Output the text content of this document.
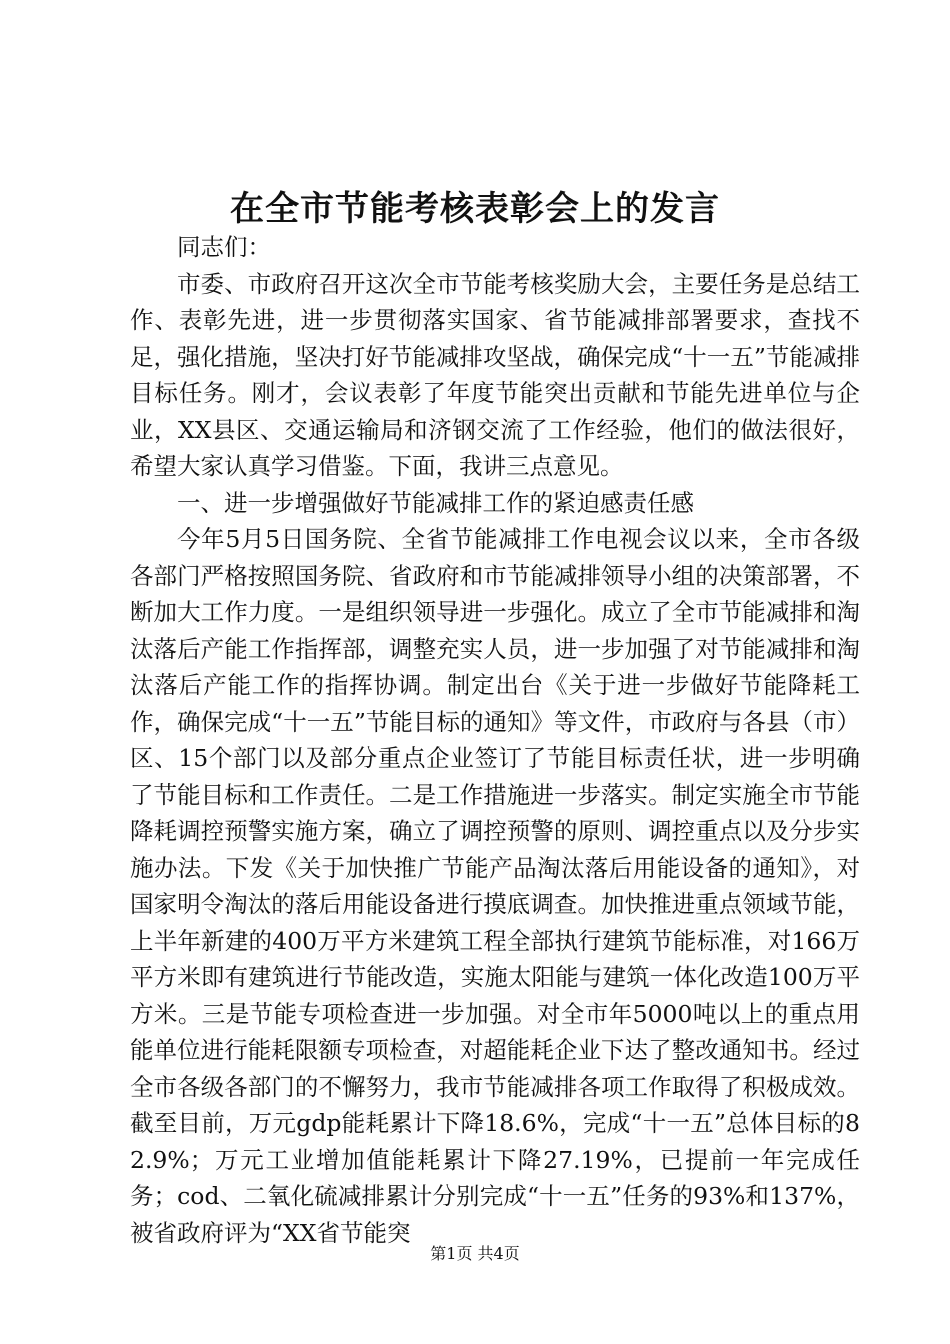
在全市节能考核表彰会上的发言

同志们：

市委、市政府召开这次全市节能考核奖励大会，主要任务是总结工作、表彰先进，进一步贯彻落实国家、省节能减排部署要求，查找不足，强化措施，坚决打好节能减排攻坚战，确保完成“十一五”节能减排目标任务。刚才，会议表彰了年度节能突出贡献和节能先进单位与企业，XX县区、交通运输局和济钢交流了工作经验，他们的做法很好，希望大家认真学习借鉴。下面，我讲三点意见。

一、进一步增强做好节能减排工作的紧迫感责任感

今年5月5日国务院、全省节能减排工作电视会议以来，全市各级各部门严格按照国务院、省政府和市节能减排领导小组的决策部署，不断加大工作力度。一是组织领导进一步强化。成立了全市节能减排和淘汰落后产能工作指挥部，调整充实人员，进一步加强了对节能减排和淘汰落后产能工作的指挥协调。制定出台《关于进一步做好节能降耗工作，确保完成“十一五”节能目标的通知》等文件，市政府与各县（市）区、15个部门以及部分重点企业签订了节能目标责任状，进一步明确了节能目标和工作责任。二是工作措施进一步落实。制定实施全市节能降耗调控预警实施方案，确立了调控预警的原则、调控重点以及分步实施办法。下发《关于加快推广节能产品淘汰落后用能设备的通知》，对国家明令淘汰的落后用能设备进行摸底调查。加快推进重点领域节能，上半年新建的400万平方米建筑工程全部执行建筑节能标准，对166万平方米即有建筑进行节能改造，实施太阳能与建筑一体化改造100万平方米。三是节能专项检查进一步加强。对全市年5000吨以上的重点用能单位进行能耗限额专项检查，对超能耗企业下达了整改通知书。经过全市各级各部门的不懈努力，我市节能减排各项工作取得了积极成效。截至目前，万元gdp能耗累计下降18.6%，完成“十一五”总体目标的82.9%；万元工业增加值能耗累计下降27.19%，已提前一年完成任务；cod、二氧化硫减排累计分别完成“十一五”任务的93%和137%，被省政府评为“XX省节能突

第1页 共4页
